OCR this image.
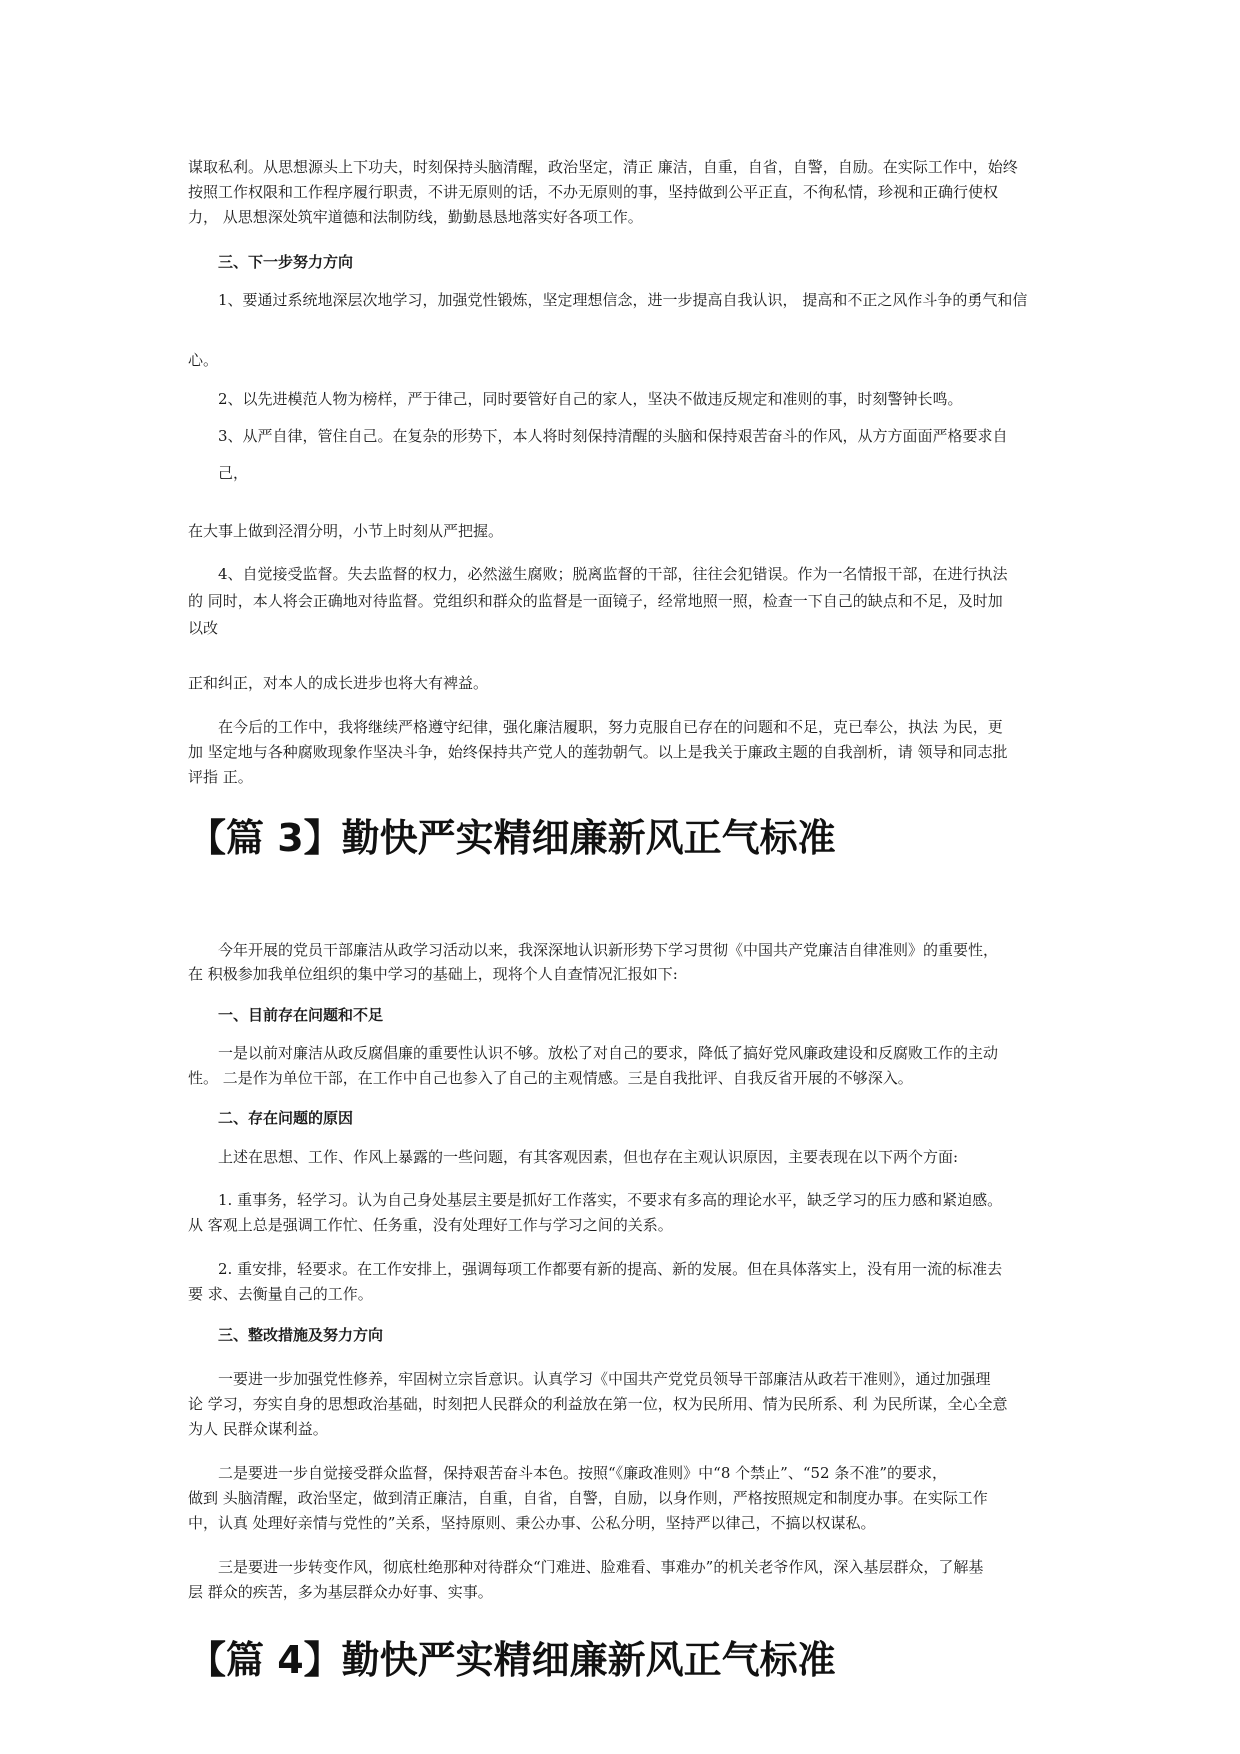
谋取私利。从思想源头上下功夫，时刻保持头脑清醒，政治坚定，清正 廉洁，自重，自省，自警，自励。在实际工作中，始终
按照工作权限和工作程序履行职责，不讲无原则的话，不办无原则的事，坚持做到公平正直，不徇私情，珍视和正确行使权
力， 从思想深处筑牢道德和法制防线，勤勤恳恳地落实好各项工作。
三、下一步努力方向
1、要通过系统地深层次地学习，加强党性锻炼，坚定理想信念，进一步提高自我认识， 提高和不正之风作斗争的勇气和信
心。
2、以先进模范人物为榜样，严于律己，同时要管好自己的家人，坚决不做违反规定和准则的事，时刻警钟长鸣。
3、从严自律，管住自己。在复杂的形势下，本人将时刻保持清醒的头脑和保持艰苦奋斗的作风，从方方面面严格要求自
己，
在大事上做到泾渭分明，小节上时刻从严把握。
4、自觉接受监督。失去监督的权力，必然滋生腐败；脱离监督的干部，往往会犯错误。作为一名情报干部，在进行执法
的 同时，本人将会正确地对待监督。党组织和群众的监督是一面镜子，经常地照一照，检查一下自己的缺点和不足，及时加
以改
正和纠正，对本人的成长进步也将大有裨益。
在今后的工作中，我将继续严格遵守纪律，强化廉洁履职，努力克服自已存在的问题和不足，克已奉公，执法 为民，更
加 坚定地与各种腐败现象作坚决斗争，始终保持共产党人的莲勃朝气。以上是我关于廉政主题的自我剖析，请 领导和同志批
评指 正。
【篇 3】勤快严实精细廉新风正气标准
今年开展的党员干部廉洁从政学习活动以来，我深深地认识新形势下学习贯彻《中国共产党廉洁自律准则》的重要性，
在 积极参加我单位组织的集中学习的基础上，现将个人自查情况汇报如下:
一、目前存在问题和不足
一是以前对廉洁从政反腐倡廉的重要性认识不够。放松了对自己的要求，降低了搞好党风廉政建设和反腐败工作的主动
性。 二是作为单位干部，在工作中自己也参入了自己的主观情感。三是自我批评、自我反省开展的不够深入。
二、存在问题的原因
上述在思想、工作、作风上暴露的一些问题，有其客观因素，但也存在主观认识原因，主要表现在以下两个方面:
1. 重事务，轻学习。认为自己身处基层主要是抓好工作落实，不要求有多高的理论水平，缺乏学习的压力感和紧迫感。
从 客观上总是强调工作忙、任务重，没有处理好工作与学习之间的关系。
2. 重安排，轻要求。在工作安排上，强调每项工作都要有新的提高、新的发展。但在具体落实上，没有用一流的标准去
要 求、去衡量自己的工作。
三、整改措施及努力方向
一要进一步加强党性修养，牢固树立宗旨意识。认真学习《中国共产党党员领导干部廉洁从政若干准则》，通过加强理
论 学习，夯实自身的思想政治基础，时刻把人民群众的利益放在第一位，权为民所用、情为民所系、利 为民所谋，全心全意
为人 民群众谋利益。
二是要进一步自觉接受群众监督，保持艰苦奋斗本色。按照“《廉政准则》中“8 个禁止”、“52 条不准”的要求，
做到 头脑清醒，政治坚定，做到清正廉洁，自重，自省，自警，自励，以身作则，严格按照规定和制度办事。在实际工作
中，认真 处理好亲情与党性的”关系，坚持原则、秉公办事、公私分明，坚持严以律己，不搞以权谋私。
三是要进一步转变作风，彻底杜绝那种对待群众“门难进、脸难看、事难办”的机关老爷作风，深入基层群众，了解基
层 群众的疾苦，多为基层群众办好事、实事。
【篇 4】勤快严实精细廉新风正气标准
